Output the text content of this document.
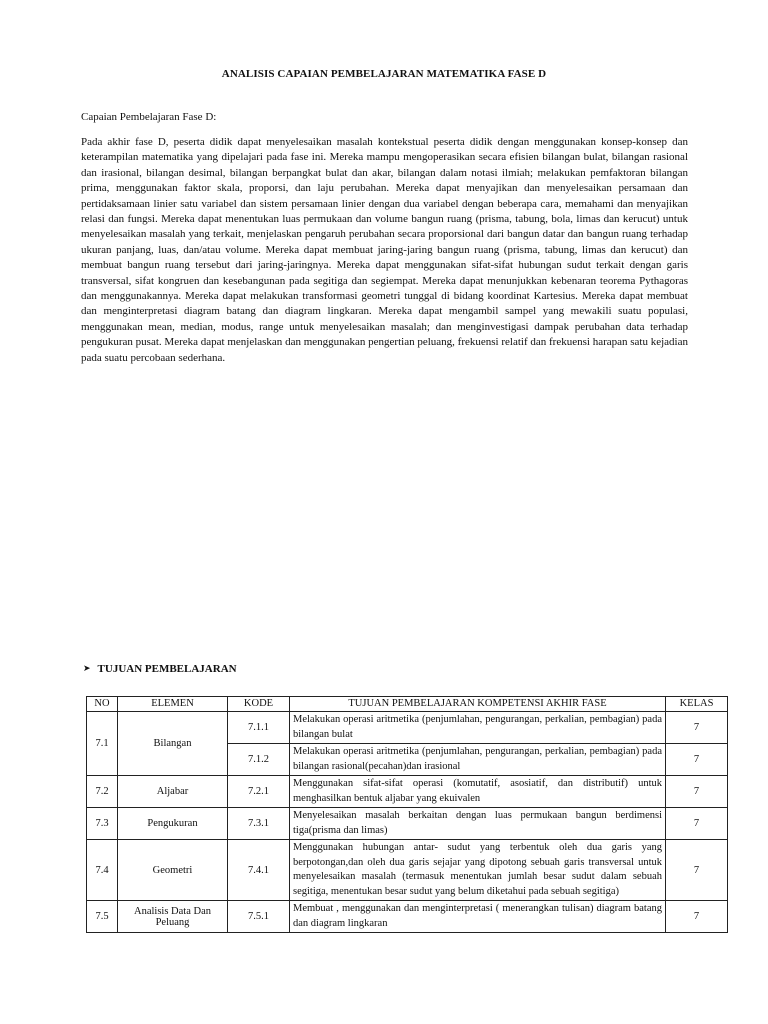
ANALISIS CAPAIAN PEMBELAJARAN MATEMATIKA FASE D
Capaian Pembelajaran Fase D:

Pada akhir fase D, peserta didik dapat menyelesaikan masalah kontekstual peserta didik dengan menggunakan konsep-konsep dan keterampilan matematika yang dipelajari pada fase ini. Mereka mampu mengoperasikan secara efisien bilangan bulat, bilangan rasional dan irasional, bilangan desimal, bilangan berpangkat bulat dan akar, bilangan dalam notasi ilmiah; melakukan pemfaktoran bilangan prima, menggunakan faktor skala, proporsi, dan laju perubahan. Mereka dapat menyajikan dan menyelesaikan persamaan dan pertidaksamaan linier satu variabel dan sistem persamaan linier dengan dua variabel dengan beberapa cara, memahami dan menyajikan relasi dan fungsi. Mereka dapat menentukan luas permukaan dan volume bangun ruang (prisma, tabung, bola, limas dan kerucut) untuk menyelesaikan masalah yang terkait, menjelaskan pengaruh perubahan secara proporsional dari bangun datar dan bangun ruang terhadap ukuran panjang, luas, dan/atau volume. Mereka dapat membuat jaring-jaring bangun ruang (prisma, tabung, limas dan kerucut) dan membuat bangun ruang tersebut dari jaring-jaringnya. Mereka dapat menggunakan sifat-sifat hubungan sudut terkait dengan garis transversal, sifat kongruen dan kesebangunan pada segitiga dan segiempat. Mereka dapat menunjukkan kebenaran teorema Pythagoras dan menggunakannya. Mereka dapat melakukan transformasi geometri tunggal di bidang koordinat Kartesius. Mereka dapat membuat dan menginterpretasi diagram batang dan diagram lingkaran. Mereka dapat mengambil sampel yang mewakili suatu populasi, menggunakan mean, median, modus, range untuk menyelesaikan masalah; dan menginvestigasi dampak perubahan data terhadap pengukuran pusat. Mereka dapat menjelaskan dan menggunakan pengertian peluang, frekuensi relatif dan frekuensi harapan satu kejadian pada suatu percobaan sederhana.

➤ TUJUAN PEMBELAJARAN
NO	ELEMEN	KODE	TUJUAN PEMBELAJARAN KOMPETENSI AKHIR FASE	KELAS
7.1	Bilangan	7.1.1	Melakukan operasi aritmetika (penjumlahan, pengurangan, perkalian, pembagian) pada bilangan bulat	7
		7.1.2	Melakukan operasi aritmetika (penjumlahan, pengurangan, perkalian, pembagian) pada bilangan rasional(pecahan)dan irasional	7
7.2	Aljabar	7.2.1	Menggunakan sifat-sifat operasi (komutatif, asosiatif, dan distributif) untuk menghasilkan bentuk aljabar yang ekuivalen	7
7.3	Pengukuran	7.3.1	Menyelesaikan masalah berkaitan dengan luas permukaan bangun berdimensi tiga(prisma dan limas)	7
7.4	Geometri	7.4.1	Menggunakan hubungan antar- sudut yang terbentuk oleh dua garis yang berpotongan,dan oleh dua garis sejajar yang dipotong sebuah garis transversal untuk menyelesaikan masalah (termasuk menentukan jumlah besar sudut dalam sebuah segitiga, menentukan besar sudut yang belum diketahui pada sebuah segitiga)	7
7.5	Analisis Data Dan Peluang	7.5.1	Membuat , menggunakan dan menginterpretasi ( menerangkan tulisan) diagram batang dan diagram lingkaran	7
